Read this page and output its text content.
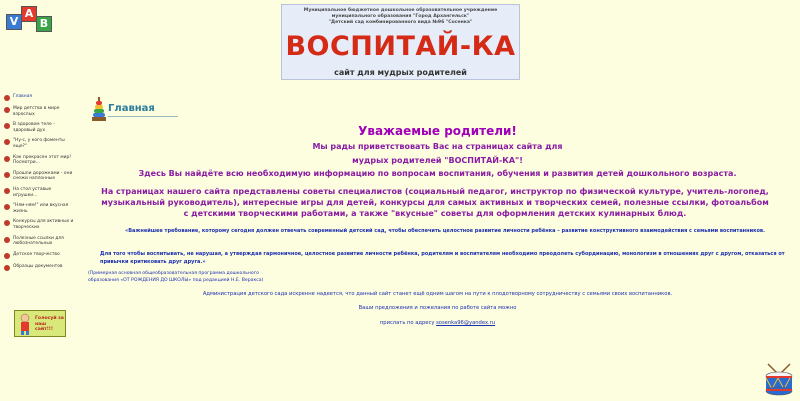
V
A
B
Муниципальное бюджетное дошкольное образовательное учреждение
муниципального образования "Город Архангельск"
"Детский сад комбинированного вида №96 "Сосенка"
ВОСПИТАЙ-КА
сайт для мудрых родителей
Главная
Мир детства в мире взрослых
В здоровом теле - здоровый дух
"Ну-с, у кого фоменты еще?"
Как прекрасен этот мир! Посмотри...
Прошли дорожками - они снежи наплонные
На стол уставые игрушки...
"Ням-ням!" или вкусная жизнь
Конкурсы для активных и творческих
Полезные ссылки для любознательных
Детское творчество
Образцы документов
Голосуй за наш сайт!!!
Главная
Уважаемые родители!
Мы рады приветствовать Вас на страницах сайта для
мудрых родителей "ВОСПИТАЙ-КА"!
Здесь Вы найдёте всю необходимую информацию по вопросам воспитания, обучения и развития детей дошкольного возраста.
На страницах нашего сайта представлены советы специалистов (социальный педагог, инструктор по физической культуре, учитель-логопед, музыкальный руководитель), интересные игры для детей, конкурсы для самых активных и творческих семей, полезные ссылки, фотоальбом с детскими творческими работами, а также "вкусные" советы для оформления детских кулинарных блюд.
«Важнейшее требование, которому сегодня должен отвечать современный детский сад, чтобы обеспечить целостное развитие личности ребёнка – развитие конструктивного взаимодействия с семьями воспитанников.
Для того чтобы воспитывать, не нарушая, а утверждая гармоничное, целостное развитие личности ребёнка, родителям и воспитателям необходимо преодолеть субординацию, монологизм в отношениях друг с другом, отказаться от привычки критиковать друг друга.»
(Примерная основная общеобразовательная программа дошкольного
образования «ОТ РОЖДЕНИЯ ДО ШКОЛЫ» под редакцией Н.Е. Веракса)
Администрация детского сада искренне надеется, что данный сайт станет ещё одним шагом на пути к плодотворному сотрудничеству с семьями своих воспитанников.
Ваши предложения и пожелания по работе сайта можно
прислать по адресу sosenka96@yandex.ru
